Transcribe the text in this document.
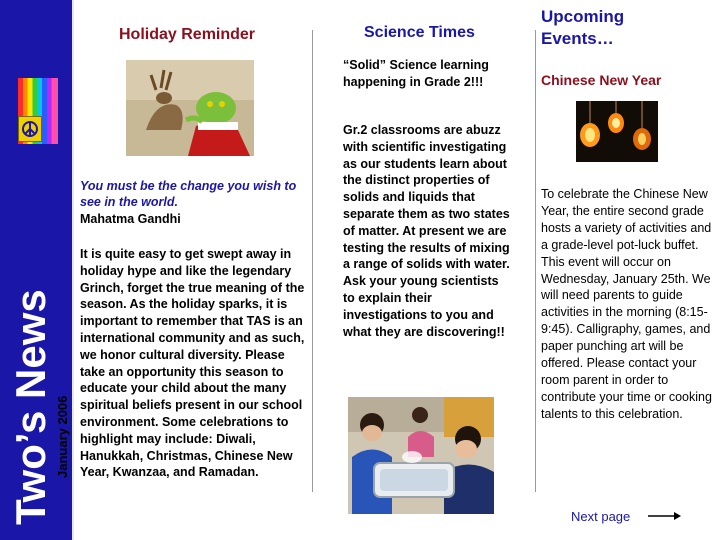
Two’s News January 2006
Holiday Reminder
You must be the change you wish to see in the world.
Mahatma Gandhi
It is quite easy to get swept away in holiday hype and like the legendary Grinch, forget the true meaning of the season. As the holiday sparks, it is important to remember that TAS is an international community and as such, we honor cultural diversity. Please take an opportunity this season to educate your child about the many spiritual beliefs present in our school environment. Some celebrations to highlight may include: Diwali, Hanukkah, Christmas, Chinese New Year, Kwanzaa, and Ramadan.
Science Times
“Solid” Science learning happening in Grade 2!!!
Gr.2 classrooms are abuzz with scientific investigating as our students learn about the distinct properties of solids and liquids that separate them as two states of matter. At present we are testing the results of mixing a range of solids with water. Ask your young scientists to explain their investigations to you and what they are discovering!!
Upcoming Events…
Chinese New Year
To celebrate the Chinese New Year, the entire second grade hosts a variety of activities and a grade-level pot-luck buffet. This event will occur on Wednesday, January 25th. We will need parents to guide activities in the morning (8:15-9:45). Calligraphy, games, and paper punching art will be offered. Please contact your room parent in order to contribute your time or cooking talents to this celebration.
Next page
